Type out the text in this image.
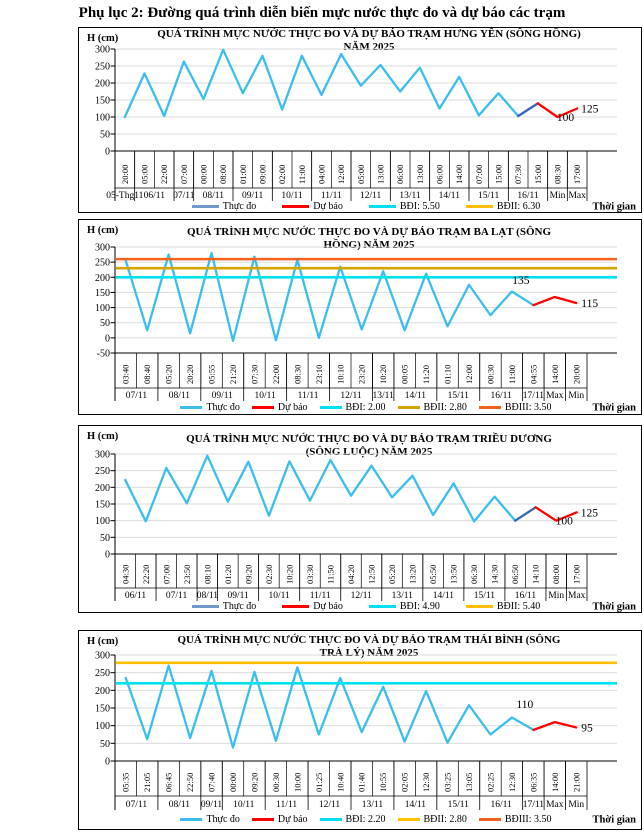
Phụ lục 2: Đường quá trình diễn biến mực nước thực đo và dự báo các trạm
QUÁ TRÌNH MỰC NƯỚC THỰC ĐO VÀ DỰ BÁO TRẠM HƯNG YÊN (SÔNG HỒNG)
NĂM 2025
H (cm)
0
50
100
150
200
250
300
20:00 05:00 22:00 07:00 00:00 08:00 01:00 09:00 02:00 11:00 04:00 12:00 05:00 13:00 06:00 13:00 06:00 14:00 07:00 15:00 07:30 15:00 08:30 17:00
05-Thg11 06/11 07/11 08/11 09/11 10/11 11/11 12/11 13/11 14/11 15/11 16/11 Min Max
100
125
Thực đo	Dự báo	BĐI: 5.50	BĐII: 6.30	Thời gian
QUÁ TRÌNH MỰC NƯỚC THỰC ĐO VÀ DỰ BÁO TRẠM BA LẠT (SÔNG
HỒNG) NĂM 2025
H (cm)
-50
0
50
100
150
200
250
300
03:40 08:40 05:20 20:20 05:55 21:20 07:30 22:00 08:30 23:10 10:10 23:20 10:20 00:05 11:20 01:10 12:00 00:30 11:00 04:55 14:00 20:00
07/11 08/11 09/11 10/11 11/11 12/11 13/11 14/11 15/11 16/11 17/11 Max Min
135
115
Thực đo	Dự báo	BĐI: 2.00	BĐII: 2.80	BĐIII: 3.50	Thời gian
QUÁ TRÌNH MỰC NƯỚC THỰC ĐO VÀ DỰ BÁO TRẠM TRIỀU DƯƠNG
(SÔNG LUỘC) NĂM 2025
H (cm)
0
50
100
150
200
250
300
04:30 22:20 07:00 23:50 08:10 01:20 09:20 02:30 10:20 03:30 11:50 04:20 12:50 05:20 13:20 05:50 13:50 06:30 14:30 06:50 14:10 08:00 17:00
06/11 07/11 08/11 09/11 10/11 11/11 12/11 13/11 14/11 15/11 16/11 Min Max
100
125
Thực đo	Dự báo	BĐI: 4.90	BĐII: 5.40	Thời gian
QUÁ TRÌNH MỰC NƯỚC THỰC ĐO VÀ DỰ BÁO TRẠM THÁI BÌNH (SÔNG
TRÀ LÝ) NĂM 2025
H (cm)
0
50
100
150
200
250
300
05:35 21:05 06:45 22:50 07:40 00:00 09:20 00:30 10:00 01:25 10:40 01:40 10:55 02:05 12:30 03:25 13:05 02:25 12:30 06:35 14:00 21:00
07/11 08/11 09/11 10/11 11/11 12/11 13/11 14/11 15/11 16/11 17/11 Max Min
110
95
Thực đo	Dự báo	BĐI: 2.20	BĐII: 2.80	BĐIII: 3.50	Thời gian
